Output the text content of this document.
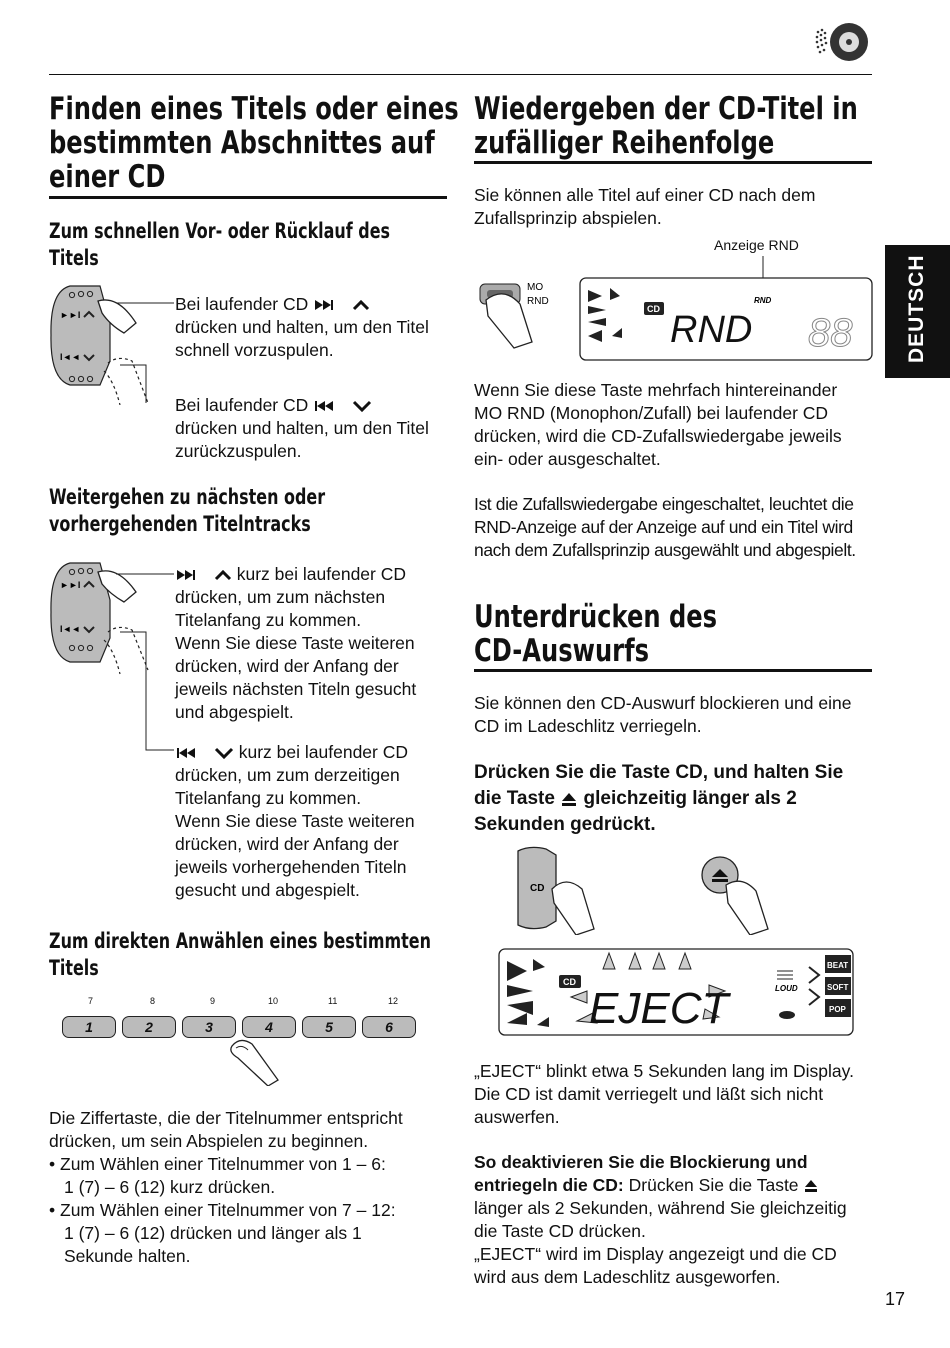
DEUTSCH
Finden eines Titels oder eines
bestimmten Abschnittes auf
einer CD
Zum schnellen Vor- oder Rücklauf des
Titels
►►I
I◄◄
Bei laufender CD
drücken und halten, um den Titel
schnell vorzuspulen.
Bei laufender CD
drücken und halten, um den Titel
zurückzuspulen.
Weitergehen zu nächsten oder
vorhergehenden Titelntracks
►►I
I◄◄
kurz bei laufender CD
drücken, um zum nächsten
Titelanfang zu kommen.
Wenn Sie diese Taste weiteren
drücken, wird der Anfang der
jeweils nächsten Titeln gesucht
und abgespielt.
kurz bei laufender CD
drücken, um zum derzeitigen
Titelanfang zu kommen.
Wenn Sie diese Taste weiteren
drücken, wird der Anfang der
jeweils vorhergehenden Titeln
gesucht und abgespielt.
Zum direkten Anwählen eines bestimmten
Titels
7	8	9	10	11	12
1	2	3	4	5	6
Die Ziffertaste, die der Titelnummer entspricht
drücken, um sein Abspielen zu beginnen.
• Zum Wählen einer Titelnummer von 1 – 6:
1 (7) – 6 (12) kurz drücken.
• Zum Wählen einer Titelnummer von 7 – 12:
1 (7) – 6 (12) drücken und länger als 1
Sekunde halten.
Wiedergeben der CD-Titel in
zufälliger Reihenfolge
Sie können alle Titel auf einer CD nach dem
Zufallsprinzip abspielen.
Anzeige RND
MO
RND
CD RND
RND
88
Wenn Sie diese Taste mehrfach hintereinander
MO RND (Monophon/Zufall) bei laufender CD
drücken, wird die CD-Zufallswiedergabe jeweils
ein- oder ausgeschaltet.
Ist die Zufallswiedergabe eingeschaltet, leuchtet die
RND-Anzeige auf der Anzeige auf und ein Titel wird
nach dem Zufallsprinzip ausgewählt und abgespielt.
Unterdrücken des
CD-Auswurfs
Sie können den CD-Auswurf blockieren und eine
CD im Ladeschlitz verriegeln.
Drücken Sie die Taste CD, und halten Sie
die Taste gleichzeitig länger als 2
Sekunden gedrückt.
CD
CD
EJECT	LOUD
BEAT
SOFT
POP
„EJECT“ blinkt etwa 5 Sekunden lang im Display.
Die CD ist damit verriegelt und läßt sich nicht
auswerfen.
So deaktivieren Sie die Blockierung und
entriegeln die CD: Drücken Sie die Taste
länger als 2 Sekunden, während Sie gleichzeitig
die Taste CD drücken.
„EJECT“ wird im Display angezeigt und die CD
wird aus dem Ladeschlitz ausgeworfen.
17
